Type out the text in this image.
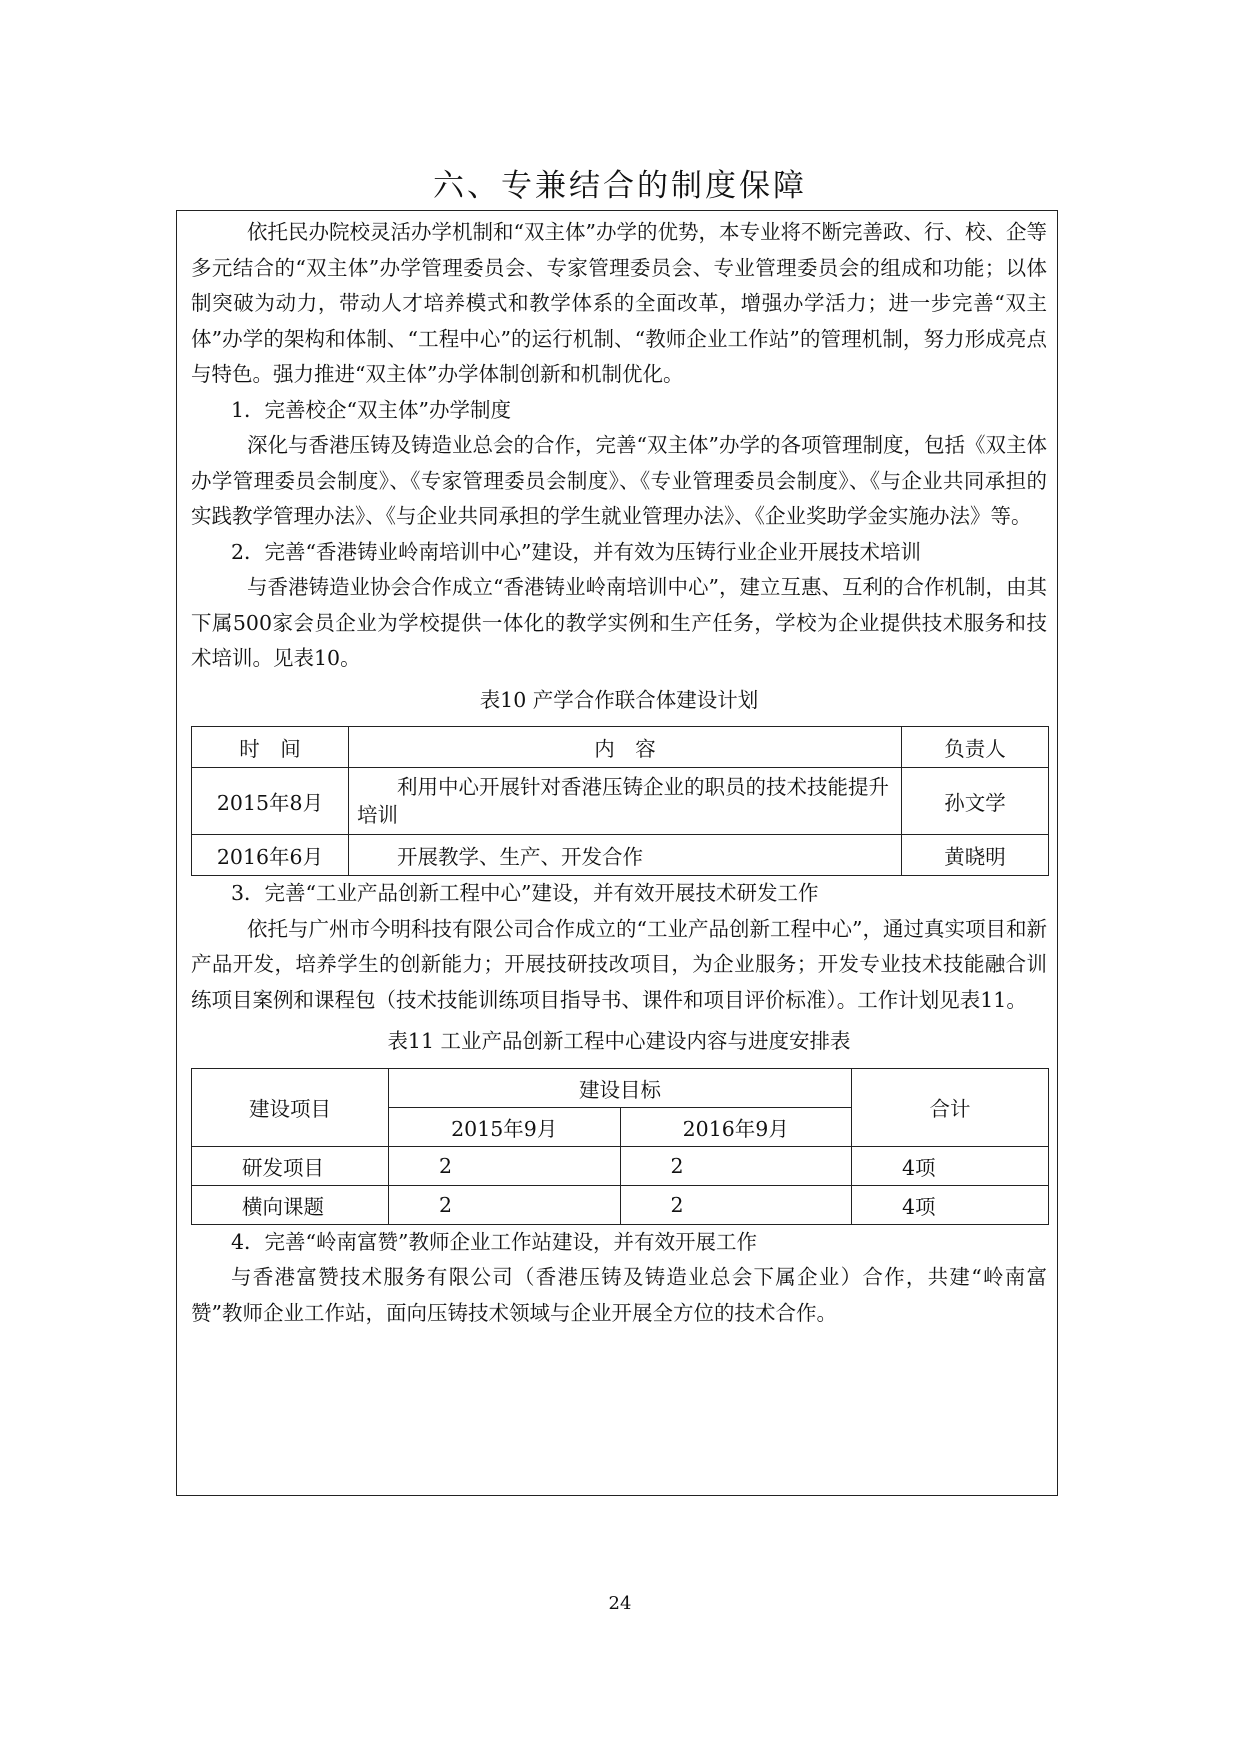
六、专兼结合的制度保障

依托民办院校灵活办学机制和“双主体”办学的优势，本专业将不断完善政、行、校、企等多元结合的“双主体”办学管理委员会、专家管理委员会、专业管理委员会的组成和功能；以体制突破为动力，带动人才培养模式和教学体系的全面改革，增强办学活力；进一步完善“双主体”办学的架构和体制、“工程中心”的运行机制、“教师企业工作站”的管理机制，努力形成亮点与特色。强力推进“双主体”办学体制创新和机制优化。

1．完善校企“双主体”办学制度

深化与香港压铸及铸造业总会的合作，完善“双主体”办学的各项管理制度，包括《双主体办学管理委员会制度》、《专家管理委员会制度》、《专业管理委员会制度》、《与企业共同承担的实践教学管理办法》、《与企业共同承担的学生就业管理办法》、《企业奖助学金实施办法》等。

2．完善“香港铸业岭南培训中心”建设，并有效为压铸行业企业开展技术培训

与香港铸造业协会合作成立“香港铸业岭南培训中心”，建立互惠、互利的合作机制，由其下属500家会员企业为学校提供一体化的教学实例和生产任务，学校为企业提供技术服务和技术培训。见表10。

表10 产学合作联合体建设计划
时　间	内　容	负责人
2015年8月	利用中心开展针对香港压铸企业的职员的技术技能提升培训	孙文学
2016年6月	开展教学、生产、开发合作	黄晓明

3．完善“工业产品创新工程中心”建设，并有效开展技术研发工作

依托与广州市今明科技有限公司合作成立的“工业产品创新工程中心”，通过真实项目和新产品开发，培养学生的创新能力；开展技研技改项目，为企业服务；开发专业技术技能融合训练项目案例和课程包（技术技能训练项目指导书、课件和项目评价标准）。工作计划见表11。

表11 工业产品创新工程中心建设内容与进度安排表
建设项目	建设目标		合计
	2015年9月	2016年9月	
研发项目	2	2	4项
横向课题	2	2	4项

4．完善“岭南富赞”教师企业工作站建设，并有效开展工作

与香港富赞技术服务有限公司（香港压铸及铸造业总会下属企业）合作，共建“岭南富赞”教师企业工作站，面向压铸技术领域与企业开展全方位的技术合作。

24
